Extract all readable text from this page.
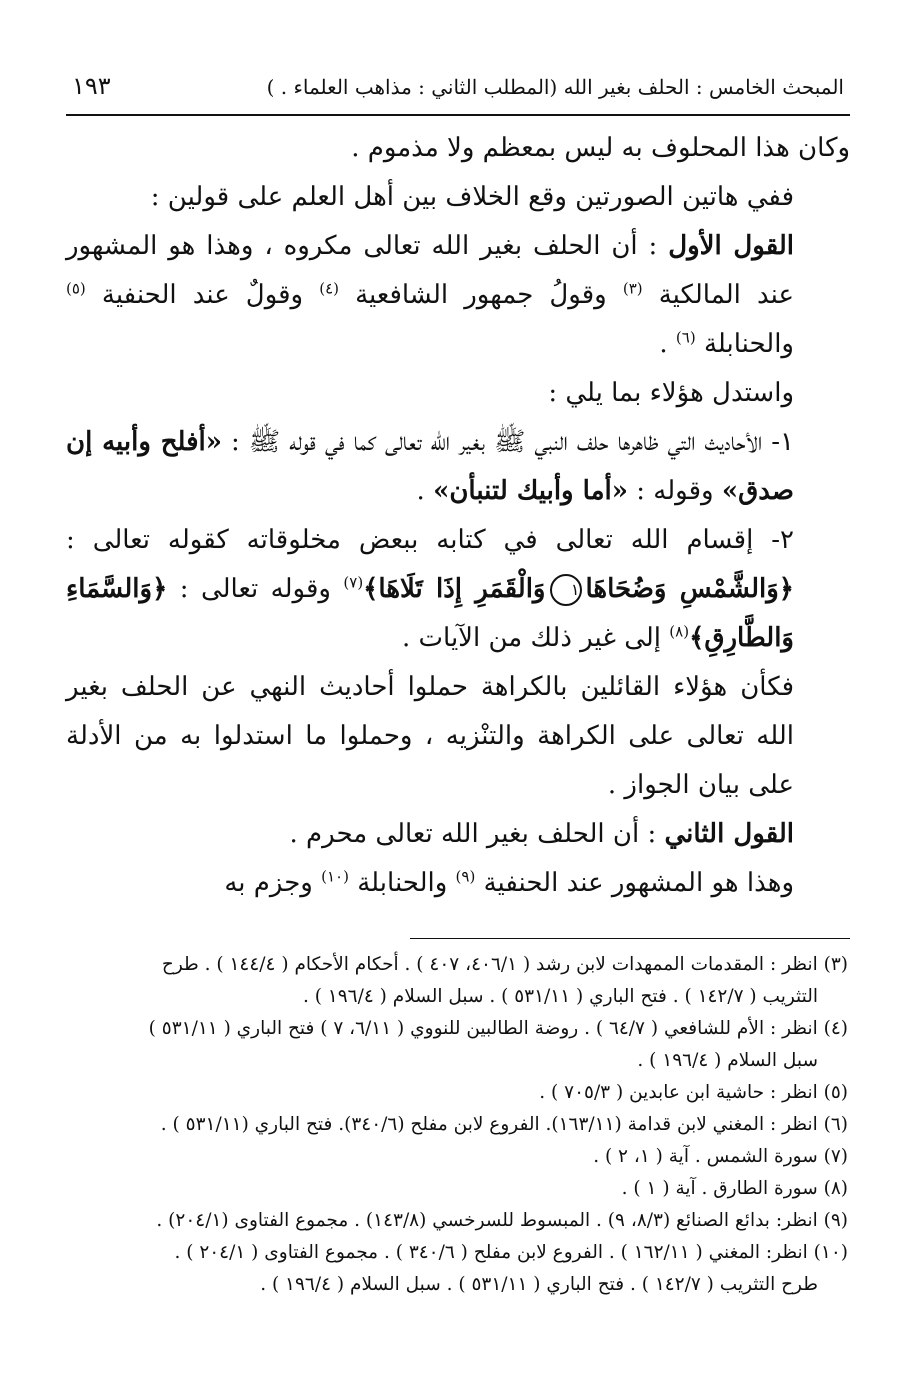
المبحث الخامس : الحلف بغير الله (المطلب الثاني : مذاهب العلماء . )
١٩٣

وكان هذا المحلوف به ليس بمعظم ولا مذموم .

ففي هاتين الصورتين وقع الخلاف بين أهل العلم على قولين :

القول الأول : أن الحلف بغير الله تعالى مكروه ، وهذا هو المشهور عند المالكية $^{(٣)}$ وقولُ جمهور الشافعية $^{(٤)}$ وقولٌ عند الحنفية $^{(٥)}$ والحنابلة $^{(٦)}$ .

واستدل هؤلاء بما يلي :

١- الأحاديث التي ظاهرها حلف النبي ﷺ بغير الله تعالى كما في قوله ﷺ : «أفلح وأبيه إن صدق» وقوله : «أما وأبيك لتنبأن» .

٢- إقسام الله تعالى في كتابه ببعض مخلوقاته كقوله تعالى : ﴿وَالشَّمْسِ وَضُحَاهَا١وَالْقَمَرِ إِذَا تَلَاهَا﴾$^{(٧)}$ وقوله تعالى : ﴿وَالسَّمَاءِ وَالطَّارِقِ﴾$^{(٨)}$ إلى غير ذلك من الآيات .

فكأن هؤلاء القائلين بالكراهة حملوا أحاديث النهي عن الحلف بغير الله تعالى على الكراهة والتنْزيه ، وحملوا ما استدلوا به من الأدلة على بيان الجواز .

القول الثاني : أن الحلف بغير الله تعالى محرم .

وهذا هو المشهور عند الحنفية $^{(٩)}$ والحنابلة $^{(١٠)}$ وجزم به

(٣) انظر : المقدمات الممهدات لابن رشد ( ٤٠٦/١، ٤٠٧ ) . أحكام الأحكام ( ١٤٤/٤ ) . طرح
التثريب ( ١٤٢/٧ ) . فتح الباري ( ٥٣١/١١ ) . سبل السلام ( ١٩٦/٤ ) .

(٤) انظر : الأم للشافعي ( ٦٤/٧ ) . روضة الطالبين للنووي ( ٦/١١، ٧ ) فتح الباري ( ٥٣١/١١ )
سبل السلام ( ١٩٦/٤ ) .

(٥) انظر : حاشية ابن عابدين ( ٧٠٥/٣ ) .

(٦) انظر : المغني لابن قدامة (١٦٣/١١). الفروع لابن مفلح (٣٤٠/٦). فتح الباري (٥٣١/١١ ) .

(٧) سورة الشمس . آية ( ١، ٢ ) .

(٨) سورة الطارق . آية ( ١ ) .

(٩) انظر: بدائع الصنائع (٨/٣، ٩) . المبسوط للسرخسي (١٤٣/٨) . مجموع الفتاوى (٢٠٤/١) .

(١٠) انظر: المغني ( ١٦٢/١١ ) . الفروع لابن مفلح ( ٣٤٠/٦ ) . مجموع الفتاوى ( ٢٠٤/١ ) .
طرح التثريب ( ١٤٢/٧ ) . فتح الباري ( ٥٣١/١١ ) . سبل السلام ( ١٩٦/٤ ) .
